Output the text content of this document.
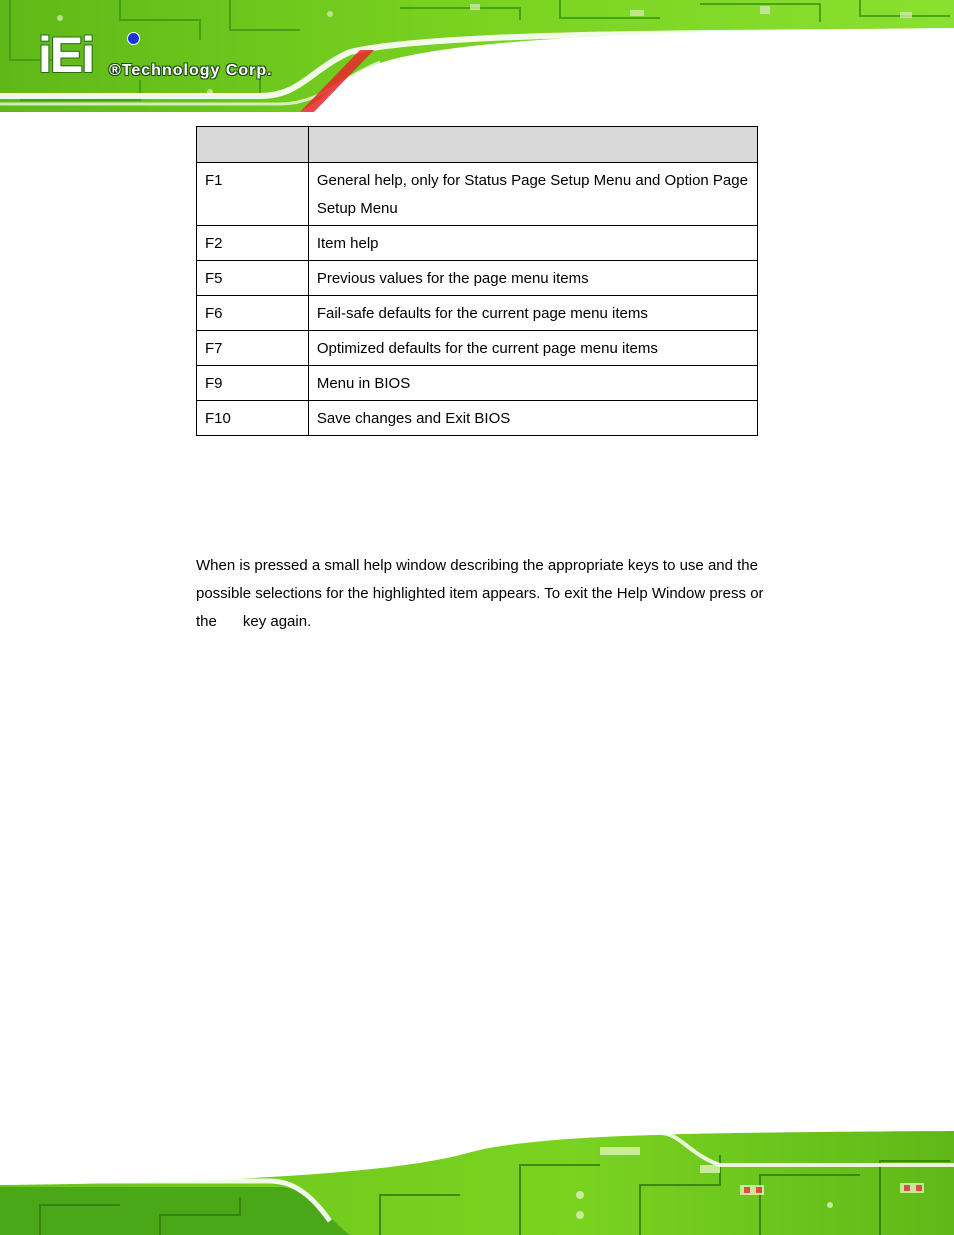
iEi ®Technology Corp.

F1	General help, only for Status Page Setup Menu and Option Page Setup Menu
F2	Item help
F5	Previous values for the page menu items
F6	Fail-safe defaults for the current page menu items
F7	Optimized defaults for the current page menu items
F9	Menu in BIOS
F10	Save changes and Exit BIOS
When is pressed a small help window describing the appropriate keys to use and the
possible selections for the highlighted item appears. To exit the Help Window press or
the key again.
